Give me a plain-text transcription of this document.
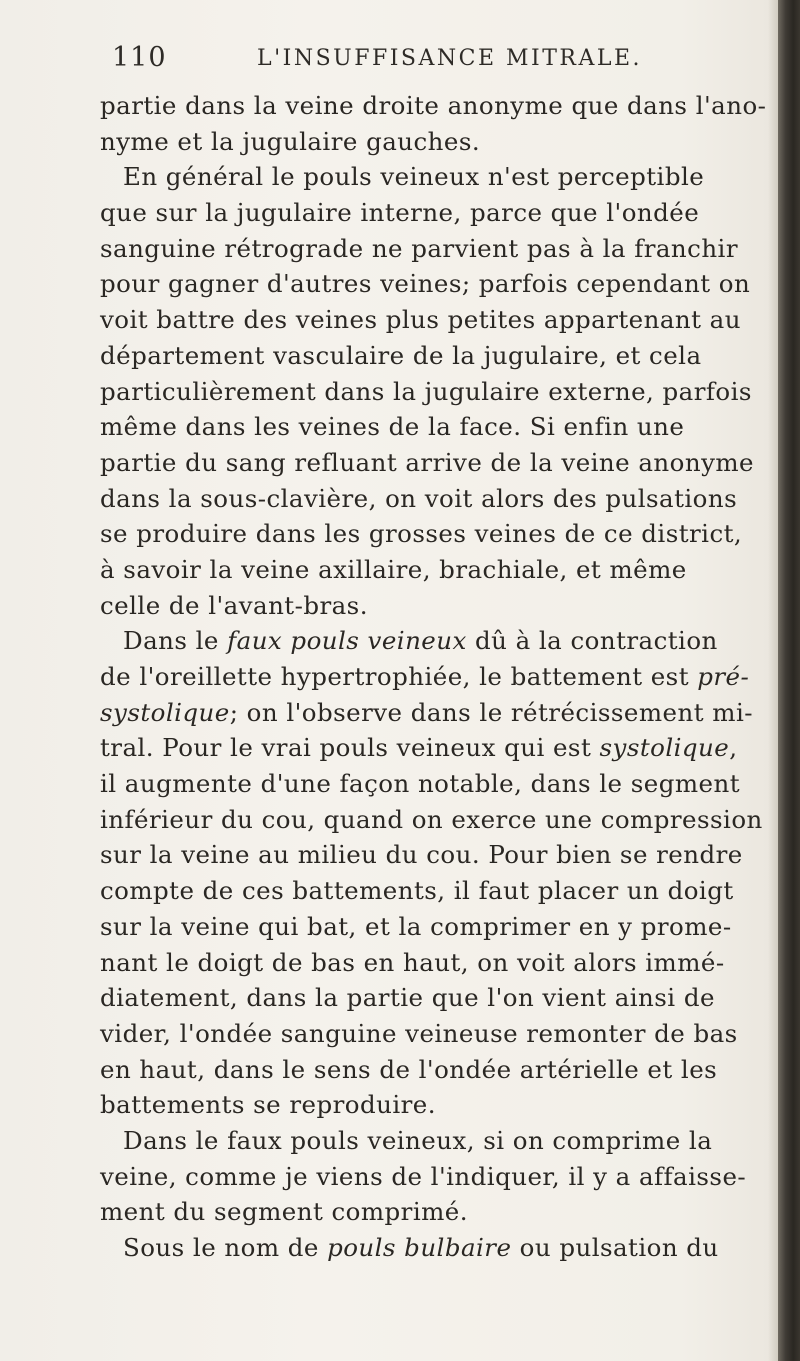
110	L'INSUFFISANCE MITRALE.
partie dans la veine droite anonyme que dans l'ano-
nyme et la jugulaire gauches.
En général le pouls veineux n'est perceptible
que sur la jugulaire interne, parce que l'ondée
sanguine rétrograde ne parvient pas à la franchir
pour gagner d'autres veines; parfois cependant on
voit battre des veines plus petites appartenant au
département vasculaire de la jugulaire, et cela
particulièrement dans la jugulaire externe, parfois
même dans les veines de la face. Si enfin une
partie du sang refluant arrive de la veine anonyme
dans la sous-clavière, on voit alors des pulsations
se produire dans les grosses veines de ce district,
à savoir la veine axillaire, brachiale, et même
celle de l'avant-bras.
Dans le faux pouls veineux dû à la contraction
de l'oreillette hypertrophiée, le battement est pré-
systolique; on l'observe dans le rétrécissement mi-
tral. Pour le vrai pouls veineux qui est systolique,
il augmente d'une façon notable, dans le segment
inférieur du cou, quand on exerce une compression
sur la veine au milieu du cou. Pour bien se rendre
compte de ces battements, il faut placer un doigt
sur la veine qui bat, et la comprimer en y prome-
nant le doigt de bas en haut, on voit alors immé-
diatement, dans la partie que l'on vient ainsi de
vider, l'ondée sanguine veineuse remonter de bas
en haut, dans le sens de l'ondée artérielle et les
battements se reproduire.
Dans le faux pouls veineux, si on comprime la
veine, comme je viens de l'indiquer, il y a affaisse-
ment du segment comprimé.
Sous le nom de pouls bulbaire ou pulsation du
